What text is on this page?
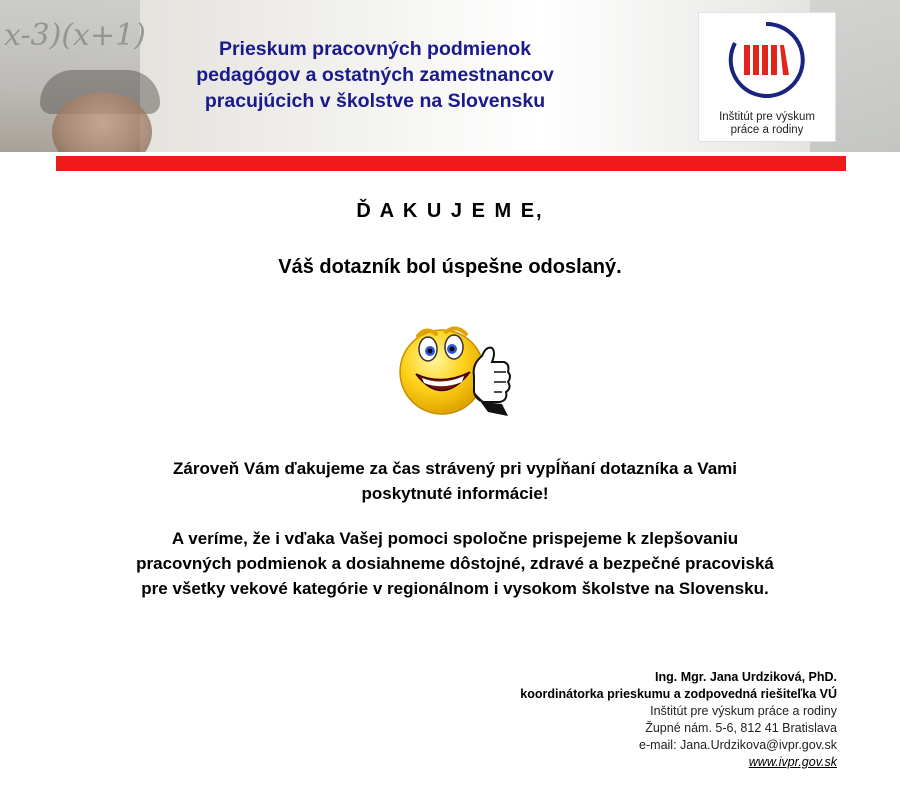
x-3)(x+1)	Prieskum pracovných podmienok
pedagógov a ostatných zamestnancov
pracujúcich v školstve na Slovensku
Inštitút pre výskum
práce a rodiny
Ď A K U J E M E,
Váš dotazník bol úspešne odoslaný.
Zároveň Vám ďakujeme za čas strávený pri vypĺňaní dotazníka a Vami
poskytnuté informácie!
A veríme, že i vďaka Vašej pomoci spoločne prispejeme k zlepšovaniu
pracovných podmienok a dosiahneme dôstojné, zdravé a bezpečné pracoviská
pre všetky vekové kategórie v regionálnom i vysokom školstve na Slovensku.
Ing. Mgr. Jana Urdziková, PhD.
koordinátorka prieskumu a zodpovedná riešiteľka VÚ
Inštitút pre výskum práce a rodiny
Župné nám. 5-6, 812 41 Bratislava
e-mail: Jana.Urdzikova@ivpr.gov.sk
www.ivpr.gov.sk
